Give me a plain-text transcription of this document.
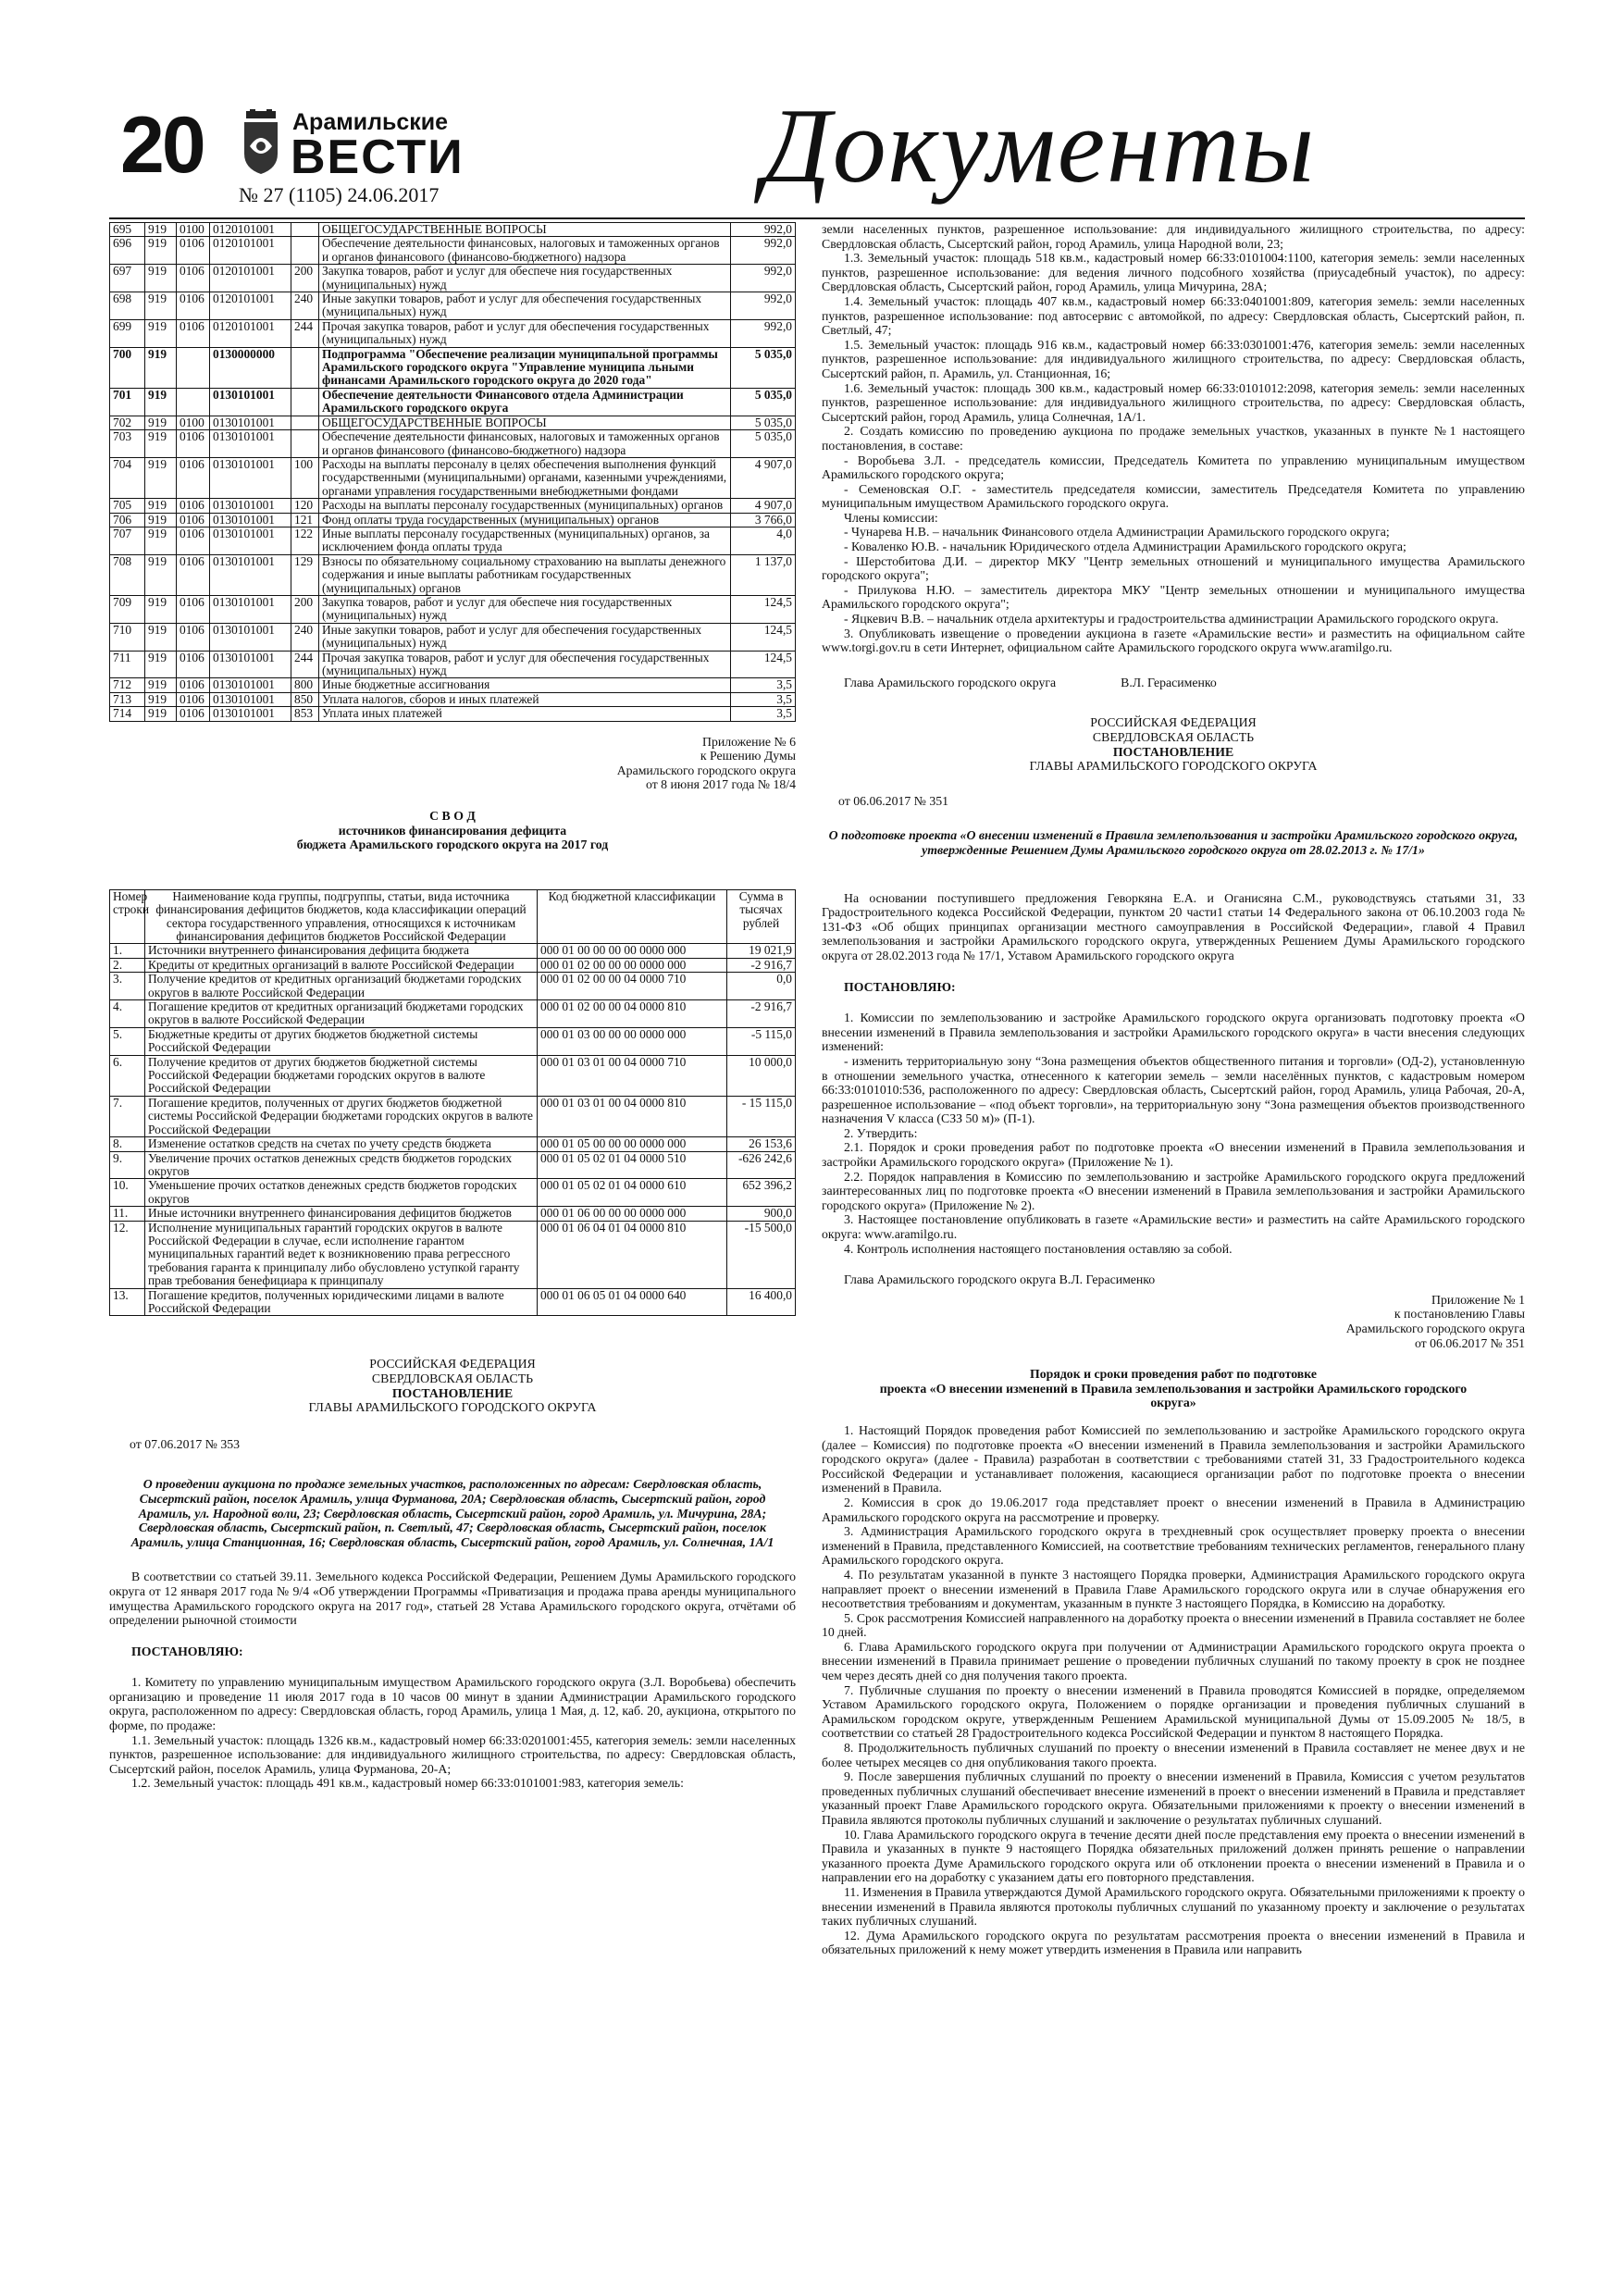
20	Арамильские
ВЕСТИ
№ 27 (1105) 24.06.2017	Документы
695	919	0100	0120101001		ОБЩЕГОСУДАРСТВЕННЫЕ ВОПРОСЫ	992,0
696	919	0106	0120101001		Обеспечение деятельности финансовых, налоговых и таможенных органов и органов финансового (финансово-бюджетного) надзора	992,0
697	919	0106	0120101001	200	Закупка товаров, работ и услуг для обеспече ния государственных (муниципальных) нужд	992,0
698	919	0106	0120101001	240	Иные закупки товаров, работ и услуг для обеспечения государственных (муниципальных) нужд	992,0
699	919	0106	0120101001	244	Прочая закупка товаров, работ и услуг для обеспечения государственных (муниципальных) нужд	992,0
700	919		0130000000		Подпрограмма "Обеспечение реализации муниципальной программы Арамильского городского округа "Управление муниципа льными финансами Арамильского городского округа до 2020 года"	5 035,0
701	919		0130101001		Обеспечение деятельности Финансового отдела Администрации Арамильского городского округа	5 035,0
702	919	0100	0130101001		ОБЩЕГОСУДАРСТВЕННЫЕ ВОПРОСЫ	5 035,0
703	919	0106	0130101001		Обеспечение деятельности финансовых, налоговых и таможенных органов и органов финансового (финансово-бюджетного) надзора	5 035,0
704	919	0106	0130101001	100	Расходы на выплаты персоналу в целях обеспечения выполнения функций государственными (муниципальными) органами, казенными учреждениями, органами управления государственными внебюджетными фондами	4 907,0
705	919	0106	0130101001	120	Расходы на выплаты персоналу государственных (муниципальных) органов	4 907,0
706	919	0106	0130101001	121	Фонд оплаты труда государственных (муниципальных) органов	3 766,0
707	919	0106	0130101001	122	Иные выплаты персоналу государственных (муниципальных) органов, за исключением фонда оплаты труда	4,0
708	919	0106	0130101001	129	Взносы по обязательному социальному страхованию на выплаты денежного содержания и иные выплаты работникам государственных (муниципальных) органов	1 137,0
709	919	0106	0130101001	200	Закупка товаров, работ и услуг для обеспече ния государственных (муниципальных) нужд	124,5
710	919	0106	0130101001	240	Иные закупки товаров, работ и услуг для обеспечения государственных (муниципальных) нужд	124,5
711	919	0106	0130101001	244	Прочая закупка товаров, работ и услуг для обеспечения государственных (муниципальных) нужд	124,5
712	919	0106	0130101001	800	Иные бюджетные ассигнования	3,5
713	919	0106	0130101001	850	Уплата налогов, сборов и иных платежей	3,5
714	919	0106	0130101001	853	Уплата иных платежей	3,5
Приложение № 6
к Решению Думы
Арамильского городского округа
от 8 июня 2017 года № 18/4
С В О Д
источников финансирования дефицита
бюджета Арамильского городского округа на 2017 год
Номер строки	Наименование кода группы, подгруппы, статьи, вида источника финансирования дефицитов бюджетов, кода классификации операций сектора государственного управления, относящихся к источникам финансирования дефицитов бюджетов Российской Федерации	Код бюджетной классификации	Сумма в тысячах рублей
1.	Источники внутреннего финансирования дефицита бюджета	000 01 00 00 00 00 0000 000	19 021,9
2.	Кредиты от кредитных организаций в валюте Российской Федерации	000 01 02 00 00 00 0000 000	-2 916,7
3.	Получение кредитов от кредитных организаций бюджетами городских округов в валюте Российской Федерации	000 01 02 00 00 04 0000 710	0,0
4.	Погашение кредитов от кредитных организаций бюджетами городских округов в валюте Российской Федерации	000 01 02 00 00 04 0000 810	-2 916,7
5.	Бюджетные кредиты от других бюджетов бюджетной системы Российской Федерации	000 01 03 00 00 00 0000 000	-5 115,0
6.	Получение кредитов от других бюджетов бюджетной системы Российской Федерации бюджетами городских округов в валюте Российской Федерации	000 01 03 01 00 04 0000 710	10 000,0
7.	Погашение кредитов, полученных от других бюджетов бюджетной системы Российской Федерации бюджетами городских округов в валюте Российской Федерации	000 01 03 01 00 04 0000 810	- 15 115,0
8.	Изменение остатков средств на счетах по учету средств бюджета	000 01 05 00 00 00 0000 000	26 153,6
9.	Увеличение прочих остатков денежных средств бюджетов городских округов	000 01 05 02 01 04 0000 510	-626 242,6
10.	Уменьшение прочих остатков денежных средств бюджетов городских округов	000 01 05 02 01 04 0000 610	652 396,2
11.	Иные источники внутреннего финансирования дефицитов бюджетов	000 01 06 00 00 00 0000 000	900,0
12.	Исполнение муниципальных гарантий городских округов в валюте Российской Федерации в случае, если исполнение гарантом муниципальных гарантий ведет к возникновению права регрессного требования гаранта к принципалу либо обусловлено уступкой гаранту прав требования бенефициара к принципалу	000 01 06 04 01 04 0000 810	-15 500,0
13.	Погашение кредитов, полученных юридическими лицами в валюте Российской Федерации	000 01 06 05 01 04 0000 640	16 400,0
РОССИЙСКАЯ ФЕДЕРАЦИЯ
СВЕРДЛОВСКАЯ ОБЛАСТЬ
ПОСТАНОВЛЕНИЕ
ГЛАВЫ АРАМИЛЬСКОГО ГОРОДСКОГО ОКРУГА
от 07.06.2017 № 353
О проведении аукциона по продаже земельных участков, расположенных по адресам: Свердловская область, Сысертский район, поселок Арамиль, улица Фурманова, 20А; Свердловская область, Сысертский район, город Арамиль, ул. Народной воли, 23; Свердловская область, Сысертский район, город Арамиль, ул. Мичурина, 28А; Свердловская область, Сысертский район, п. Светлый, 47; Свердловская область, Сысертский район, поселок Арамиль, улица Станционная, 16; Свердловская область, Сысертский район, город Арамиль, ул. Солнечная, 1А/1

В соответствии со статьей 39.11. Земельного кодекса Российской Федерации, Решением Думы Арамильского городского округа от 12 января 2017 года № 9/4 «Об утверждении Программы «Приватизация и продажа права аренды муниципального имущества Арамильского городского округа на 2017 год», статьей 28 Устава Арамильского городского округа, отчётами об определении рыночной стоимости

ПОСТАНОВЛЯЮ:

1. Комитету по управлению муниципальным имуществом Арамильского городского округа (З.Л. Воробьева) обеспечить организацию и проведение 11 июля 2017 года в 10 часов 00 минут в здании Администрации Арамильского городского округа, расположенном по адресу: Свердловская область, город Арамиль, улица 1 Мая, д. 12, каб. 20, аукциона, открытого по форме, по продаже:

1.1. Земельный участок: площадь 1326 кв.м., кадастровый номер 66:33:0201001:455, категория земель: земли населенных пунктов, разрешенное использование: для индивидуального жилищного строительства, по адресу: Свердловская область, Сысертский район, поселок Арамиль, улица Фурманова, 20-А;

1.2. Земельный участок: площадь 491 кв.м., кадастровый номер 66:33:0101001:983, категория земель:

земли населенных пунктов, разрешенное использование: для индивидуального жилищного строительства, по адресу: Свердловская область, Сысертский район, город Арамиль, улица Народной воли, 23;

1.3. Земельный участок: площадь 518 кв.м., кадастровый номер 66:33:0101004:1100, категория земель: земли населенных пунктов, разрешенное использование: для ведения личного подсобного хозяйства (приусадебный участок), по адресу: Свердловская область, Сысертский район, город Арамиль, улица Мичурина, 28А;

1.4. Земельный участок: площадь 407 кв.м., кадастровый номер 66:33:0401001:809, категория земель: земли населенных пунктов, разрешенное использование: под автосервис с автомойкой, по адресу: Свердловская область, Сысертский район, п. Светлый, 47;

1.5. Земельный участок: площадь 916 кв.м., кадастровый номер 66:33:0301001:476, категория земель: земли населенных пунктов, разрешенное использование: для индивидуального жилищного строительства, по адресу: Свердловская область, Сысертский район, п. Арамиль, ул. Станционная, 16;

1.6. Земельный участок: площадь 300 кв.м., кадастровый номер 66:33:0101012:2098, категория земель: земли населенных пунктов, разрешенное использование: для индивидуального жилищного строительства, по адресу: Свердловская область, Сысертский район, город Арамиль, улица Солнечная, 1А/1.

2. Создать комиссию по проведению аукциона по продаже земельных участков, указанных в пункте №1 настоящего постановления, в составе:

- Воробьева З.Л. - председатель комиссии, Председатель Комитета по управлению муниципальным имуществом Арамильского городского округа;

- Семеновская О.Г. - заместитель председателя комиссии, заместитель Председателя Комитета по управлению муниципальным имуществом Арамильского городского округа.

Члены комиссии:

- Чунарева Н.В. – начальник Финансового отдела Администрации Арамильского городского округа;

- Коваленко Ю.В. - начальник Юридического отдела Администрации Арамильского городского округа;

- Шерстобитова Д.И. – директор МКУ "Центр земельных отношений и муниципального имущества Арамильского городского округа";

- Прилукова Н.Ю. – заместитель директора МКУ "Центр земельных отношении и муниципального имущества Арамильского городского округа";

- Яцкевич В.В. – начальник отдела архитектуры и градостроительства администрации Арамильского городского округа.

3. Опубликовать извещение о проведении аукциона в газете «Арамильские вести» и разместить на официальном сайте www.torgi.gov.ru в сети Интернет, официальном сайте Арамильского городского округа www.aramilgo.ru.

Глава Арамильского городского округа	В.Л. Герасименко
РОССИЙСКАЯ ФЕДЕРАЦИЯ
СВЕРДЛОВСКАЯ ОБЛАСТЬ
ПОСТАНОВЛЕНИЕ
ГЛАВЫ АРАМИЛЬСКОГО ГОРОДСКОГО ОКРУГА
от 06.06.2017 № 351
О подготовке проекта «О внесении изменений в Правила землепользования и застройки Арамильского городского округа, утвержденные Решением Думы Арамильского городского округа от 28.02.2013 г. № 17/1»

На основании поступившего предложения Геворкяна Е.А. и Оганисяна С.М., руководствуясь статьями 31, 33 Градостроительного кодекса Российской Федерации, пунктом 20 части1 статьи 14 Федерального закона от 06.10.2003 года № 131-ФЗ «Об общих принципах организации местного самоуправления в Российской Федерации», главой 4 Правил землепользования и застройки Арамильского городского округа, утвержденных Решением Думы Арамильского городского округа от 28.02.2013 года № 17/1, Уставом Арамильского городского округа

ПОСТАНОВЛЯЮ:

1. Комиссии по землепользованию и застройке Арамильского городского округа организовать подготовку проекта «О внесении изменений в Правила землепользования и застройки Арамильского городского округа» в части внесения следующих изменений:

- изменить территориальную зону “Зона размещения объектов общественного питания и торговли» (ОД-2), установленную в отношении земельного участка, отнесенного к категории земель – земли населённых пунктов, с кадастровым номером 66:33:0101010:536, расположенного по адресу: Свердловская область, Сысертский район, город Арамиль, улица Рабочая, 20-А, разрешенное использование – «под объект торговли», на территориальную зону “Зона размещения объектов производственного назначения V класса (СЗЗ 50 м)» (П-1).

2. Утвердить:

2.1. Порядок и сроки проведения работ по подготовке проекта «О внесении изменений в Правила землепользования и застройки Арамильского городского округа» (Приложение № 1).

2.2. Порядок направления в Комиссию по землепользованию и застройке Арамильского городского округа предложений заинтересованных лиц по подготовке проекта «О внесении изменений в Правила землепользования и застройки Арамильского городского округа» (Приложение № 2).

3. Настоящее постановление опубликовать в газете «Арамильские вести» и разместить на сайте Арамильского городского округа: www.aramilgo.ru.

4. Контроль исполнения настоящего постановления оставляю за собой.

Глава Арамильского городского округа В.Л. Герасименко

Приложение № 1
к постановлению Главы
Арамильского городского округа
от 06.06.2017 № 351
Порядок и сроки проведения работ по подготовке
проекта «О внесении изменений в Правила землепользования и застройки Арамильского городского округа»

1. Настоящий Порядок проведения работ Комиссией по землепользованию и застройке Арамильского городского округа (далее – Комиссия) по подготовке проекта «О внесении изменений в Правила землепользования и застройки Арамильского городского округа» (далее - Правила) разработан в соответствии с требованиями статей 31, 33 Градостроительного кодекса Российской Федерации и устанавливает положения, касающиеся организации работ по подготовке проекта о внесении изменений в Правила.

2. Комиссия в срок до 19.06.2017 года представляет проект о внесении изменений в Правила в Администрацию Арамильского городского округа на рассмотрение и проверку.

3. Администрация Арамильского городского округа в трехдневный срок осуществляет проверку проекта о внесении изменений в Правила, представленного Комиссией, на соответствие требованиям технических регламентов, генерального плану Арамильского городского округа.

4. По результатам указанной в пункте 3 настоящего Порядка проверки, Администрация Арамильского городского округа направляет проект о внесении изменений в Правила Главе Арамильского городского округа или в случае обнаружения его несоответствия требованиям и документам, указанным в пункте 3 настоящего Порядка, в Комиссию на доработку.

5. Срок рассмотрения Комиссией направленного на доработку проекта о внесении изменений в Правила составляет не более 10 дней.

6. Глава Арамильского городского округа при получении от Администрации Арамильского городского округа проекта о внесении изменений в Правила принимает решение о проведении публичных слушаний по такому проекту в срок не позднее чем через десять дней со дня получения такого проекта.

7. Публичные слушания по проекту о внесении изменений в Правила проводятся Комиссией в порядке, определяемом Уставом Арамильского городского округа, Положением о порядке организации и проведения публичных слушаний в Арамильском городском округе, утвержденным Решением Арамильской муниципальной Думы от 15.09.2005 № 18/5, в соответствии со статьей 28 Градостроительного кодекса Российской Федерации и пунктом 8 настоящего Порядка.

8. Продолжительность публичных слушаний по проекту о внесении изменений в Правила составляет не менее двух и не более четырех месяцев со дня опубликования такого проекта.

9. После завершения публичных слушаний по проекту о внесении изменений в Правила, Комиссия с учетом результатов проведенных публичных слушаний обеспечивает внесение изменений в проект о внесении изменений в Правила и представляет указанный проект Главе Арамильского городского округа. Обязательными приложениями к проекту о внесении изменений в Правила являются протоколы публичных слушаний и заключение о результатах публичных слушаний.

10. Глава Арамильского городского округа в течение десяти дней после представления ему проекта о внесении изменений в Правила и указанных в пункте 9 настоящего Порядка обязательных приложений должен принять решение о направлении указанного проекта Думе Арамильского городского округа или об отклонении проекта о внесении изменений в Правила и о направлении его на доработку с указанием даты его повторного представления.

11. Изменения в Правила утверждаются Думой Арамильского городского округа. Обязательными приложениями к проекту о внесении изменений в Правила являются протоколы публичных слушаний по указанному проекту и заключение о результатах таких публичных слушаний.

12. Дума Арамильского городского округа по результатам рассмотрения проекта о внесении изменений в Правила и обязательных приложений к нему может утвердить изменения в Правила или направить
